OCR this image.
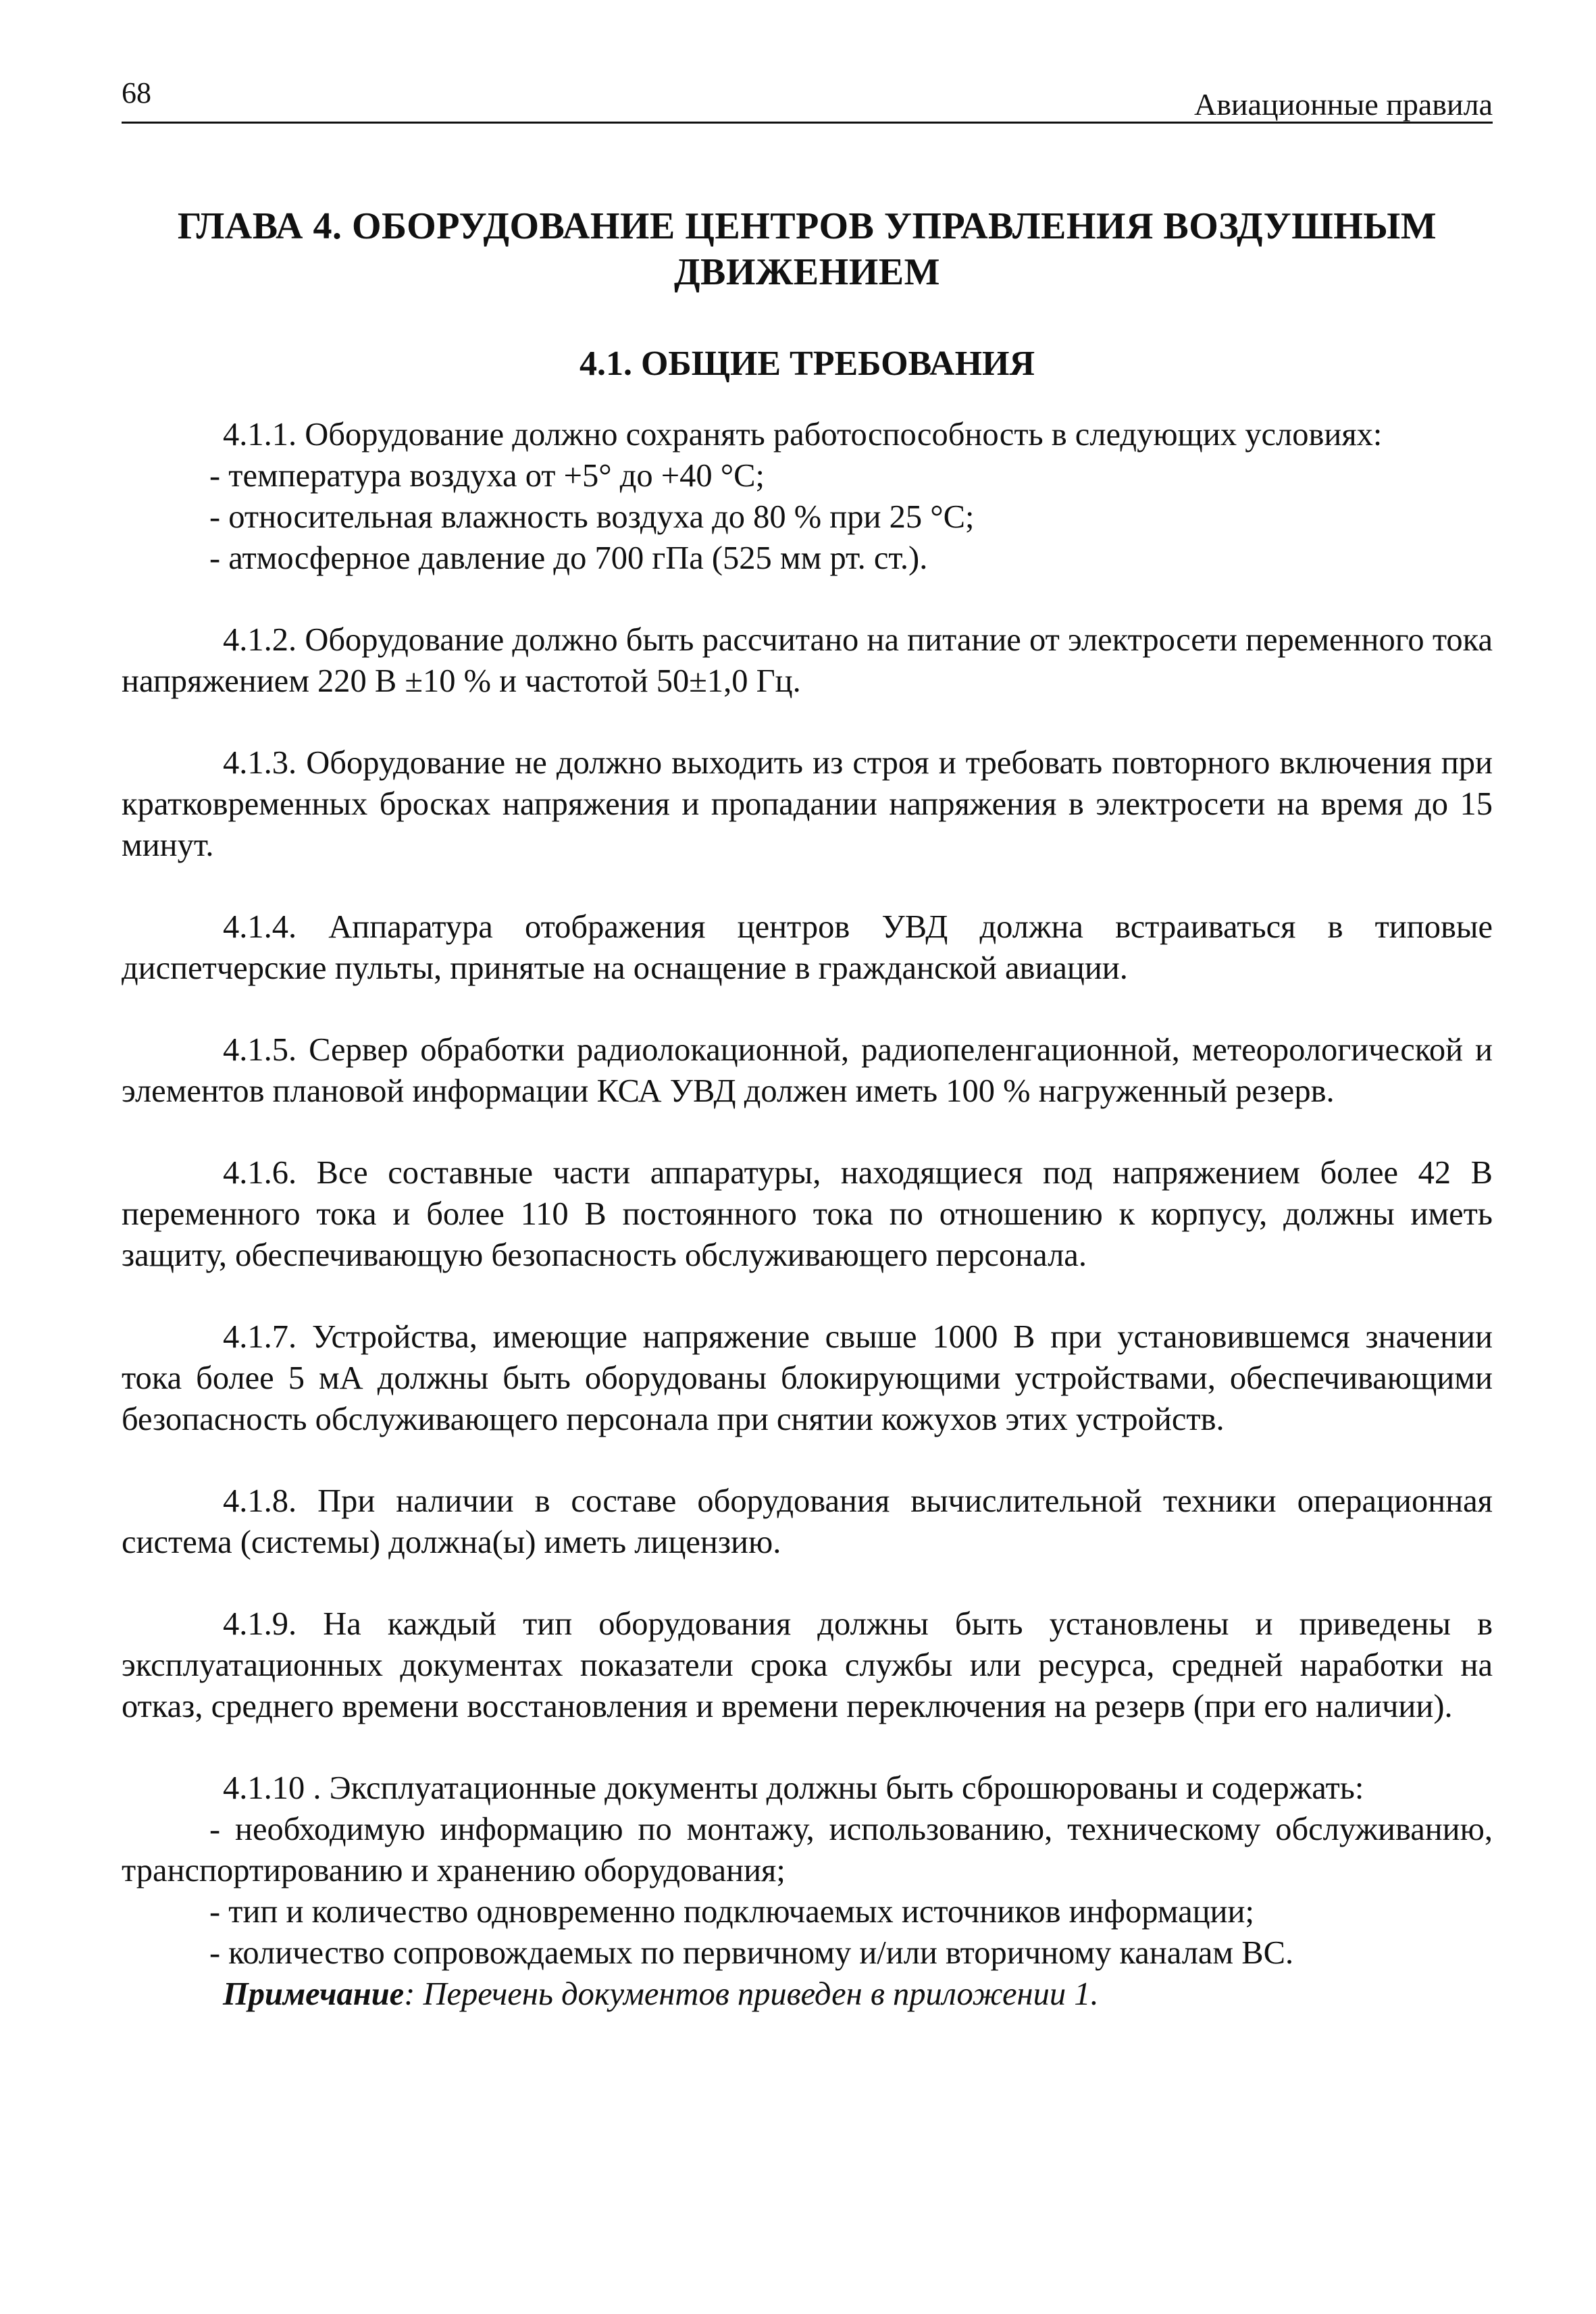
68	Авиационные правила
ГЛАВА 4. ОБОРУДОВАНИЕ ЦЕНТРОВ УПРАВЛЕНИЯ ВОЗДУШНЫМ ДВИЖЕНИЕМ
4.1. ОБЩИЕ ТРЕБОВАНИЯ

4.1.1. Оборудование должно сохранять работоспособность в следующих условиях:

- температура воздуха от +5° до +40 °С;

- относительная влажность воздуха до 80 % при 25 °С;

- атмосферное давление до 700 гПа (525 мм рт. ст.).

4.1.2. Оборудование должно быть рассчитано на питание от электросети переменного тока напряжением 220 В ±10 % и частотой 50±1,0 Гц.

4.1.3. Оборудование не должно выходить из строя и требовать повторного включения при кратковременных бросках напряжения и пропадании напряжения в электросети на время до 15 минут.

4.1.4. Аппаратура отображения центров УВД должна встраиваться в типовые диспетчерские пульты, принятые на оснащение в гражданской авиации.

4.1.5. Сервер обработки радиолокационной, радиопеленгационной, метеорологической и элементов плановой информации КСА УВД должен иметь 100 % нагруженный резерв.

4.1.6. Все составные части аппаратуры, находящиеся под напряжением более 42 В переменного тока и более 110 В постоянного тока по отношению к корпусу, должны иметь защиту, обеспечивающую безопасность обслуживающего персонала.

4.1.7. Устройства, имеющие напряжение свыше 1000 В при установившемся значении тока более 5 мА должны быть оборудованы блокирующими устройствами, обеспечивающими безопасность обслуживающего персонала при снятии кожухов этих устройств.

4.1.8. При наличии в составе оборудования вычислительной техники операционная система (системы) должна(ы) иметь лицензию.

4.1.9. На каждый тип оборудования должны быть установлены и приведены в эксплуатационных документах показатели срока службы или ресурса, средней наработки на отказ, среднего времени восстановления и времени переключения на резерв (при его наличии).

4.1.10 . Эксплуатационные документы должны быть сброшюрованы и содержать:

- необходимую информацию по монтажу, использованию, техническому обслуживанию, транспортированию и хранению оборудования;

- тип и количество одновременно подключаемых источников информации;

- количество сопровождаемых по первичному и/или вторичному каналам ВС.

Примечание: Перечень документов приведен в приложении 1.
